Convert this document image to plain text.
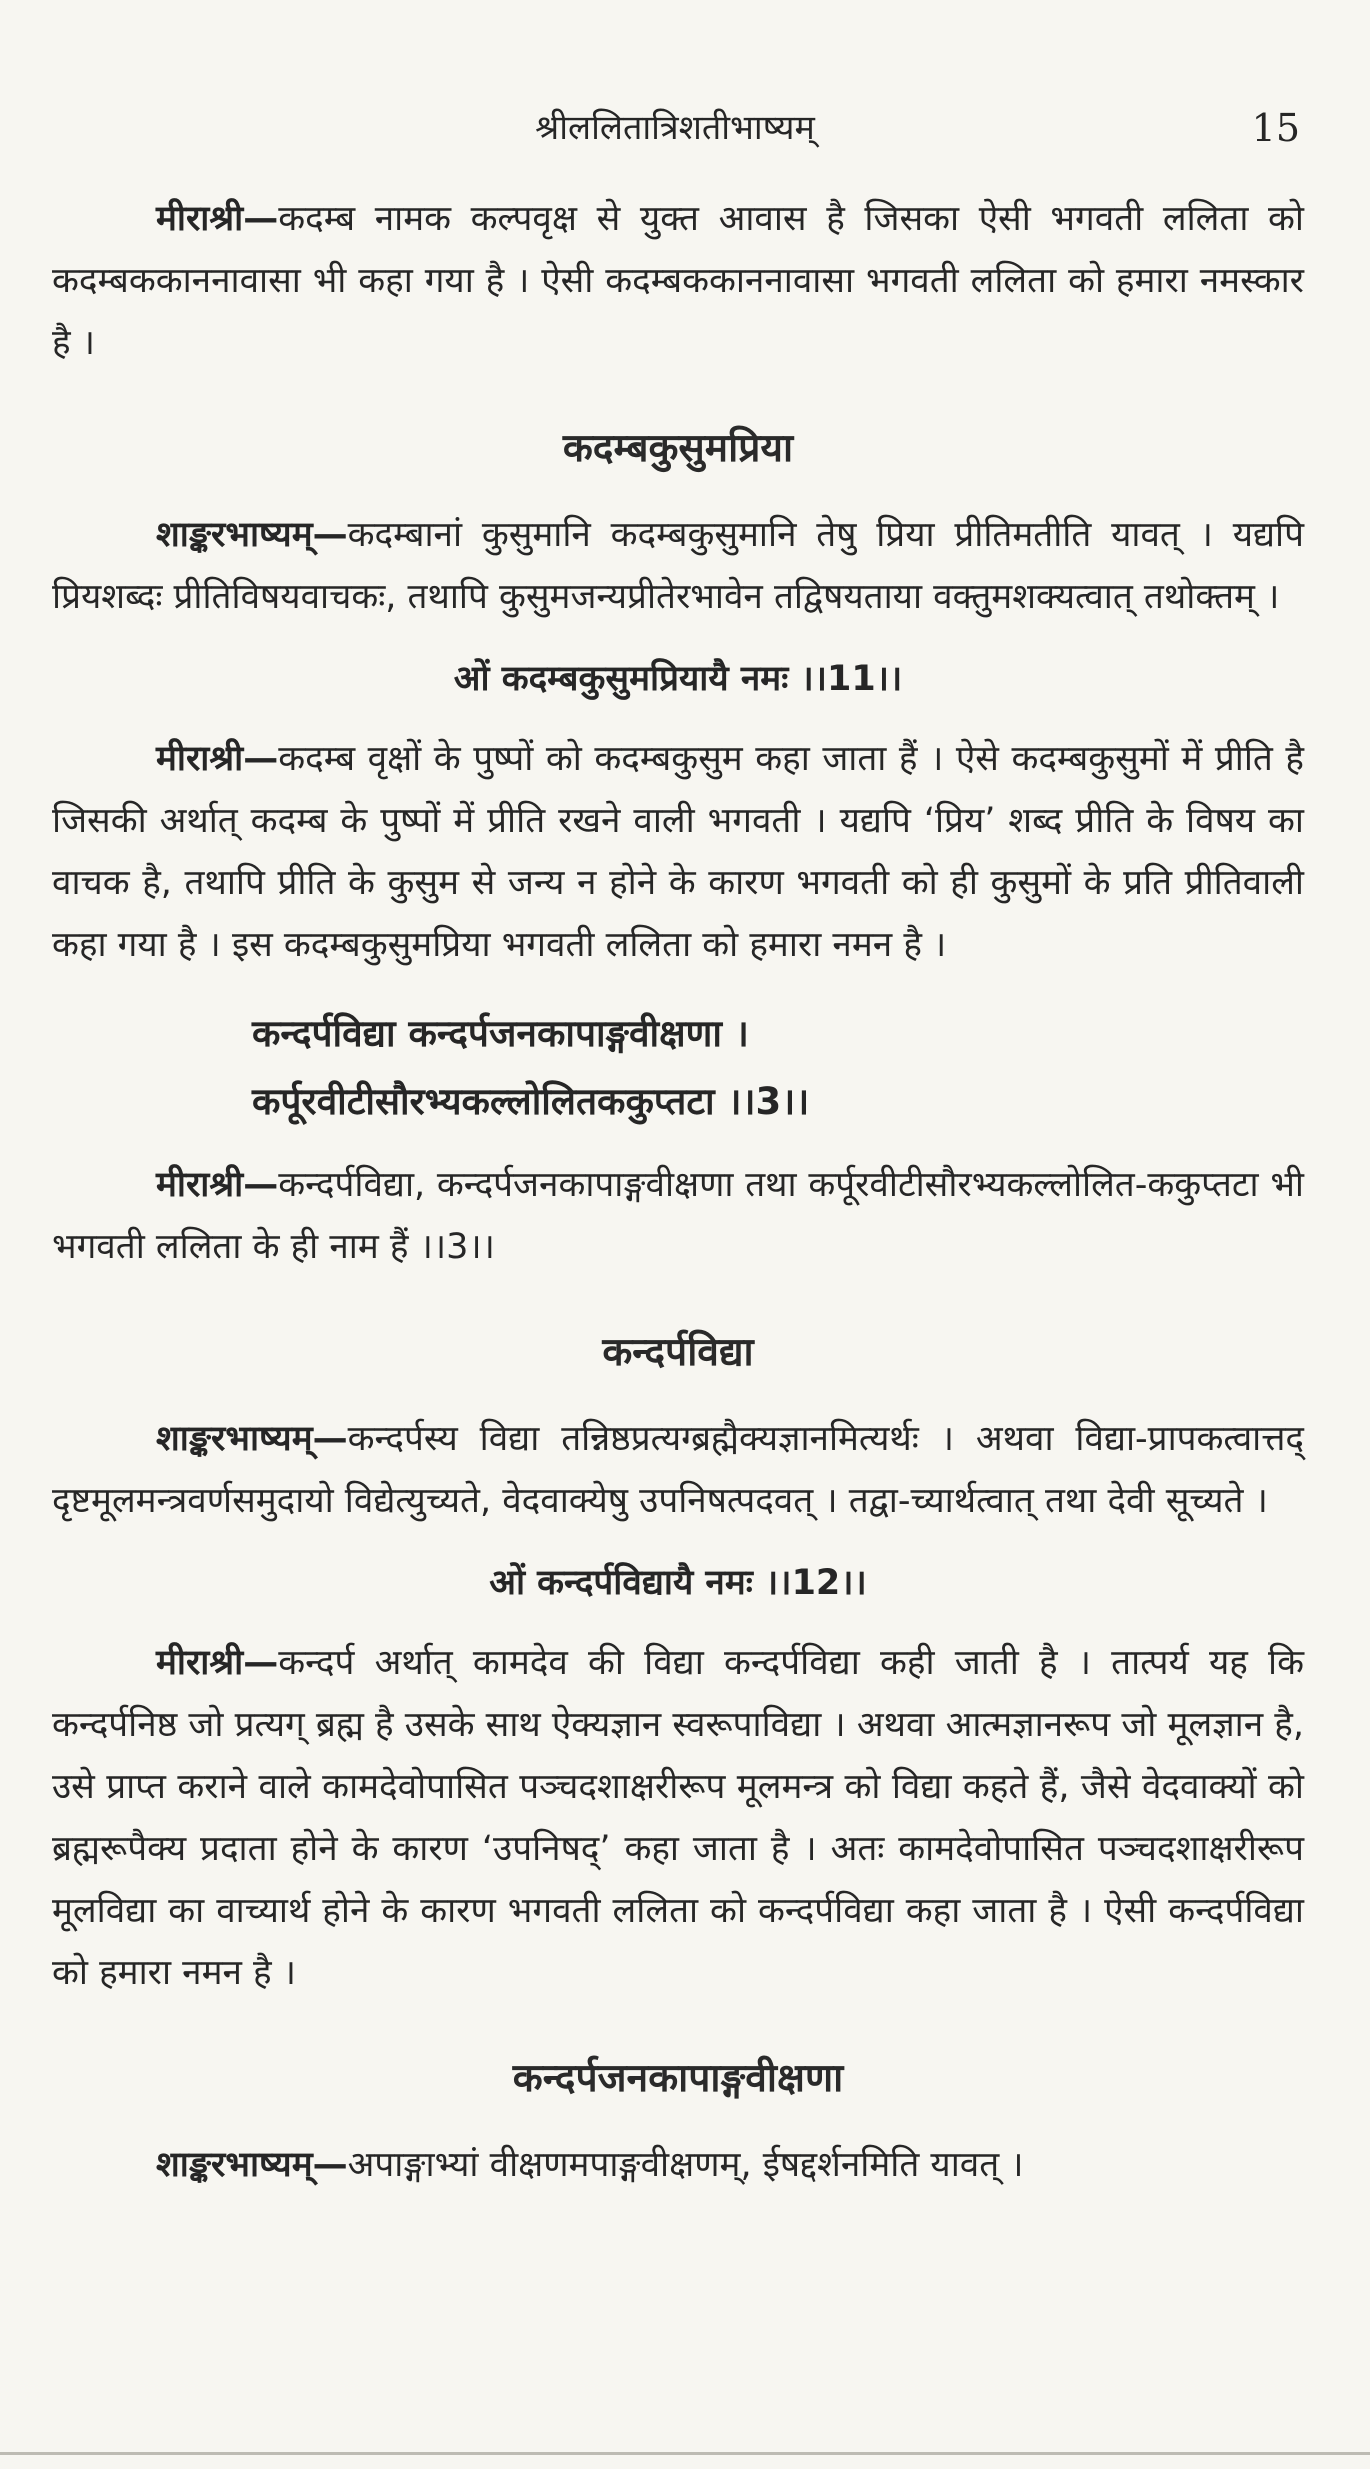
श्रीललितात्रिशतीभाष्यम्	15

मीराश्री—कदम्ब नामक कल्पवृक्ष से युक्त आवास है जिसका ऐसी भगवती ललिता को कदम्बककाननावासा भी कहा गया है । ऐसी कदम्बककाननावासा भगवती ललिता को हमारा नमस्कार है ।

कदम्बकुसुमप्रिया

शाङ्करभाष्यम्—कदम्बानां कुसुमानि कदम्बकुसुमानि तेषु प्रिया प्रीतिमतीति यावत् । यद्यपि प्रियशब्दः प्रीतिविषयवाचकः, तथापि कुसुमजन्यप्रीतेरभावेन तद्विषयताया वक्तुमशक्यत्वात् तथोक्तम् ।

ओं कदम्बकुसुमप्रियायै नमः ।।11।।

मीराश्री—कदम्ब वृक्षों के पुष्पों को कदम्बकुसुम कहा जाता हैं । ऐसे कदम्बकुसुमों में प्रीति है जिसकी अर्थात् कदम्ब के पुष्पों में प्रीति रखने वाली भगवती । यद्यपि ‘प्रिय’ शब्द प्रीति के विषय का वाचक है, तथापि प्रीति के कुसुम से जन्य न होने के कारण भगवती को ही कुसुमों के प्रति प्रीतिवाली कहा गया है । इस कदम्बकुसुमप्रिया भगवती ललिता को हमारा नमन है ।

कन्दर्पविद्या कन्दर्पजनकापाङ्गवीक्षणा ।
कर्पूरवीटीसौरभ्यकल्लोलितककुप्तटा ।।3।।

मीराश्री—कन्दर्पविद्या, कन्दर्पजनकापाङ्गवीक्षणा तथा कर्पूरवीटीसौरभ्यकल्लोलित-ककुप्तटा भी भगवती ललिता के ही नाम हैं ।।3।।

कन्दर्पविद्या

शाङ्करभाष्यम्—कन्दर्पस्य विद्या तन्निष्ठप्रत्यग्ब्रह्मैक्यज्ञानमित्यर्थः । अथवा विद्या-प्रापकत्वात्तद् दृष्टमूलमन्त्रवर्णसमुदायो विद्येत्युच्यते, वेदवाक्येषु उपनिषत्पदवत् । तद्वा-च्यार्थत्वात् तथा देवी सूच्यते ।

ओं कन्दर्पविद्यायै नमः ।।12।।

मीराश्री—कन्दर्प अर्थात् कामदेव की विद्या कन्दर्पविद्या कही जाती है । तात्पर्य यह कि कन्दर्पनिष्ठ जो प्रत्यग् ब्रह्म है उसके साथ ऐक्यज्ञान स्वरूपाविद्या । अथवा आत्मज्ञानरूप जो मूलज्ञान है, उसे प्राप्त कराने वाले कामदेवोपासित पञ्चदशाक्षरीरूप मूलमन्त्र को विद्या कहते हैं, जैसे वेदवाक्यों को ब्रह्मरूपैक्य प्रदाता होने के कारण ‘उपनिषद्’ कहा जाता है । अतः कामदेवोपासित पञ्चदशाक्षरीरूप मूलविद्या का वाच्यार्थ होने के कारण भगवती ललिता को कन्दर्पविद्या कहा जाता है । ऐसी कन्दर्पविद्या को हमारा नमन है ।

कन्दर्पजनकापाङ्गवीक्षणा

शाङ्करभाष्यम्—अपाङ्गाभ्यां वीक्षणमपाङ्गवीक्षणम्, ईषद्दर्शनमिति यावत् ।
